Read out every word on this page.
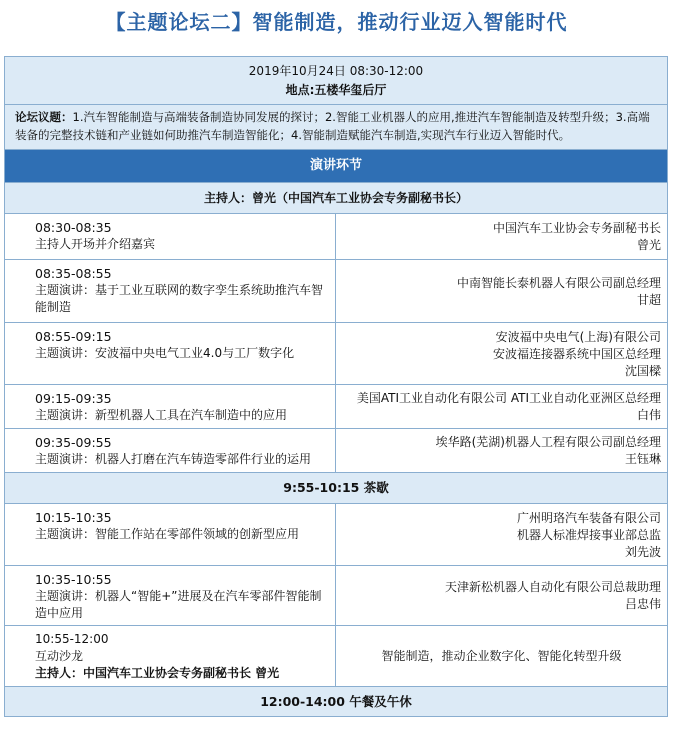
【主题论坛二】智能制造，推动行业迈入智能时代
2019年10月24日 08:30-12:00
地点:五楼华玺后厅
论坛议题：1.汽车智能制造与高端装备制造协同发展的探讨；2.智能工业机器人的应用,推进汽车智能制造及转型升级；3.高端装备的完整技术链和产业链如何助推汽车制造智能化；4.智能制造赋能汽车制造,实现汽车行业迈入智能时代。
演讲环节
主持人：曾光（中国汽车工业协会专务副秘书长）
08:30-08:35
主持人开场并介绍嘉宾
中国汽车工业协会专务副秘书长
曾光
08:35-08:55
主题演讲：基于工业互联网的数字孪生系统助推汽车智能制造
中南智能长泰机器人有限公司副总经理
甘超
08:55-09:15
主题演讲：安波福中央电气工业4.0与工厂数字化
安波福中央电气(上海)有限公司
安波福连接器系统中国区总经理
沈国樑
09:15-09:35
主题演讲：新型机器人工具在汽车制造中的应用
美国ATI工业自动化有限公司 ATI工业自动化亚洲区总经理
白伟
09:35-09:55
主题演讲：机器人打磨在汽车铸造零部件行业的运用
埃华路(芜湖)机器人工程有限公司副总经理
王钰琳
9:55-10:15 茶歇
10:15-10:35
主题演讲：智能工作站在零部件领域的创新型应用
广州明珞汽车装备有限公司
机器人标准焊接事业部总监
刘先波
10:35-10:55
主题演讲：机器人“智能+”进展及在汽车零部件智能制造中应用
天津新松机器人自动化有限公司总裁助理
吕忠伟
10:55-12:00
互动沙龙
主持人：中国汽车工业协会专务副秘书长 曾光
智能制造，推动企业数字化、智能化转型升级
12:00-14:00 午餐及午休
